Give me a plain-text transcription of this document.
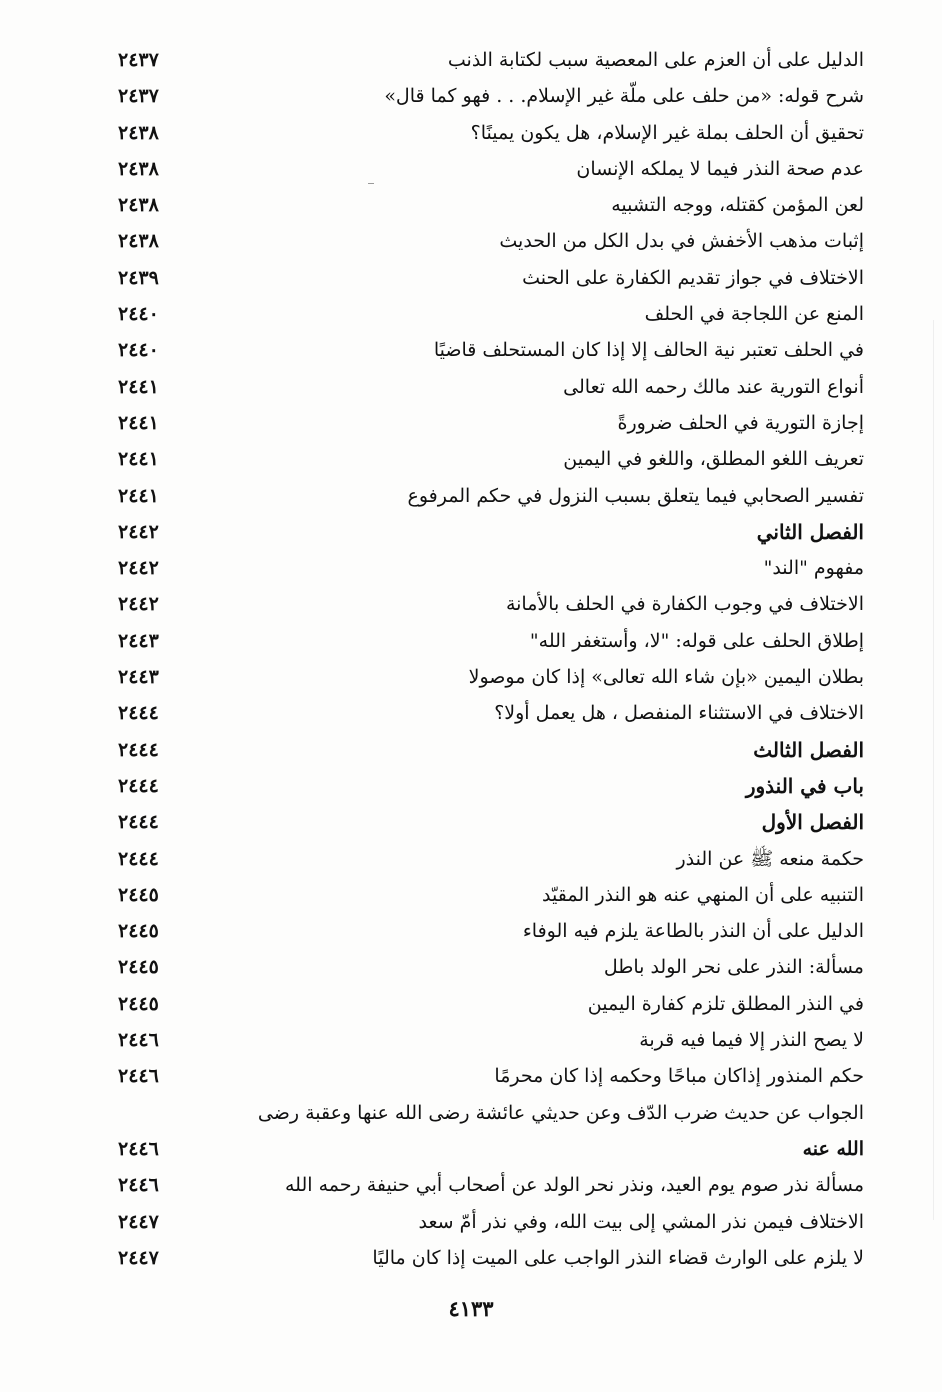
الدليل على أن العزم على المعصية سبب لكتابة الذنب
٢٤٣٧
شرح قوله: «من حلف على ملّة غير الإسلام. . . فهو كما قال»
٢٤٣٧
تحقيق أن الحلف بملة غير الإسلام، هل يكون يمينًا؟
٢٤٣٨
عدم صحة النذر فيما لا يملكه الإنسان
٢٤٣٨
لعن المؤمن كقتله، ووجه التشبيه
٢٤٣٨
إثبات مذهب الأخفش في بدل الكل من الحديث
٢٤٣٨
الاختلاف في جواز تقديم الكفارة على الحنث
٢٤٣٩
المنع عن اللجاجة في الحلف
٢٤٤٠
في الحلف تعتبر نية الحالف إلا إذا كان المستحلف قاضيًا
٢٤٤٠
أنواع التورية عند مالك رحمه الله تعالى
٢٤٤١
إجازة التورية في الحلف ضرورةً
٢٤٤١
تعريف اللغو المطلق، واللغو في اليمين
٢٤٤١
تفسير الصحابي فيما يتعلق بسبب النزول في حكم المرفوع
٢٤٤١
الفصل الثاني
٢٤٤٢
مفهوم "الند"
٢٤٤٢
الاختلاف في وجوب الكفارة في الحلف بالأمانة
٢٤٤٢
إطلاق الحلف على قوله: "لا، وأستغفر الله"
٢٤٤٣
بطلان اليمين «بإن شاء الله تعالى» إذا كان موصولا
٢٤٤٣
الاختلاف في الاستثناء المنفصل ، هل يعمل أولا؟
٢٤٤٤
الفصل الثالث
٢٤٤٤
باب في النذور
٢٤٤٤
الفصل الأول
٢٤٤٤
حكمة منعه ﷺ عن النذر
٢٤٤٤
التنبيه على أن المنهي عنه هو النذر المقيّد
٢٤٤٥
الدليل على أن النذر بالطاعة يلزم فيه الوفاء
٢٤٤٥
مسألة: النذر على نحر الولد باطل
٢٤٤٥
في النذر المطلق تلزم كفارة اليمين
٢٤٤٥
لا يصح النذر إلا فيما فيه قربة
٢٤٤٦
حكم المنذور إذاكان مباحًا وحكمه إذا كان محرمًا
٢٤٤٦
الجواب عن حديث ضرب الدّف وعن حديثي عائشة رضى الله عنها وعقبة رضى
الله عنه
٢٤٤٦
مسألة نذر صوم يوم العيد، ونذر نحر الولد عن أصحاب أبي حنيفة رحمه الله
٢٤٤٦
الاختلاف فيمن نذر المشي إلى بيت الله، وفي نذر أمّ سعد
٢٤٤٧
لا يلزم على الوارث قضاء النذر الواجب على الميت إذا كان ماليًا
٢٤٤٧
٤١٣٣
